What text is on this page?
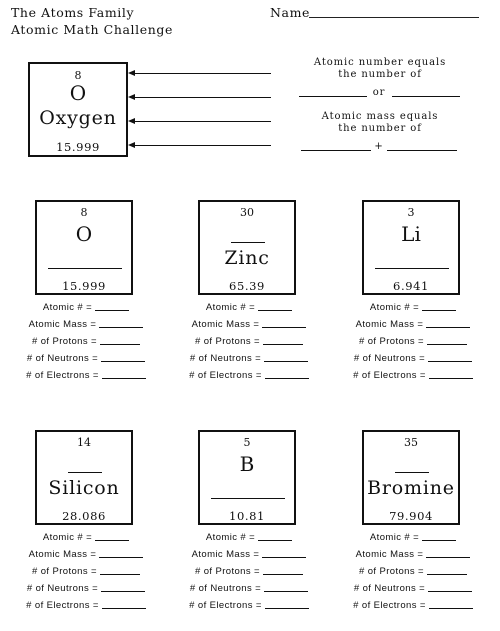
The Atoms Family
Atomic Math Challenge
Name
8
O
Oxygen
15.999
Atomic number equals
the number of
or
Atomic mass equals
the number of
+
8
O
15.999
Atomic # =
Atomic Mass =
# of Protons =
# of Neutrons =
# of Electrons =
30
Zinc
65.39
Atomic # =
Atomic Mass =
# of Protons =
# of Neutrons =
# of Electrons =
3
Li
6.941
Atomic # =
Atomic Mass =
# of Protons =
# of Neutrons =
# of Electrons =
14
Silicon
28.086
Atomic # =
Atomic Mass =
# of Protons =
# of Neutrons =
# of Electrons =
5
B
10.81
Atomic # =
Atomic Mass =
# of Protons =
# of Neutrons =
# of Electrons =
35
Bromine
79.904
Atomic # =
Atomic Mass =
# of Protons =
# of Neutrons =
# of Electrons =
